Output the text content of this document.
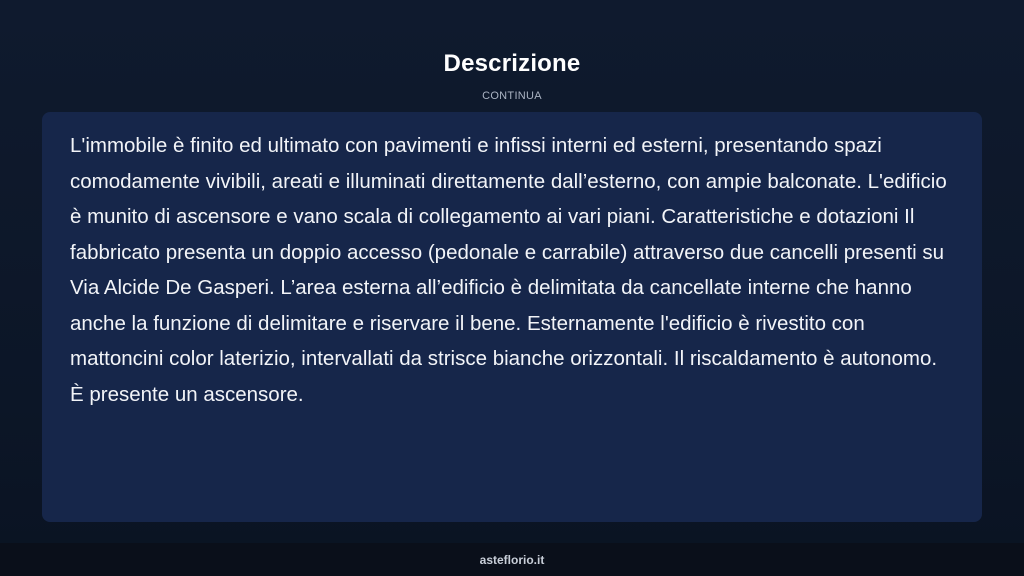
Descrizione
CONTINUA

L'immobile è finito ed ultimato con pavimenti e infissi interni ed esterni, presentando spazi comodamente vivibili, areati e illuminati direttamente dall’esterno, con ampie balconate. L'edificio è munito di ascensore e vano scala di collegamento ai vari piani. Caratteristiche e dotazioni Il fabbricato presenta un doppio accesso (pedonale e carrabile) attraverso due cancelli presenti su Via Alcide De Gasperi. L’area esterna all’edificio è delimitata da cancellate interne che hanno anche la funzione di delimitare e riservare il bene. Esternamente l'edificio è rivestito con mattoncini color laterizio, intervallati da strisce bianche orizzontali. Il riscaldamento è autonomo. È presente un ascensore.

asteflorio.it
